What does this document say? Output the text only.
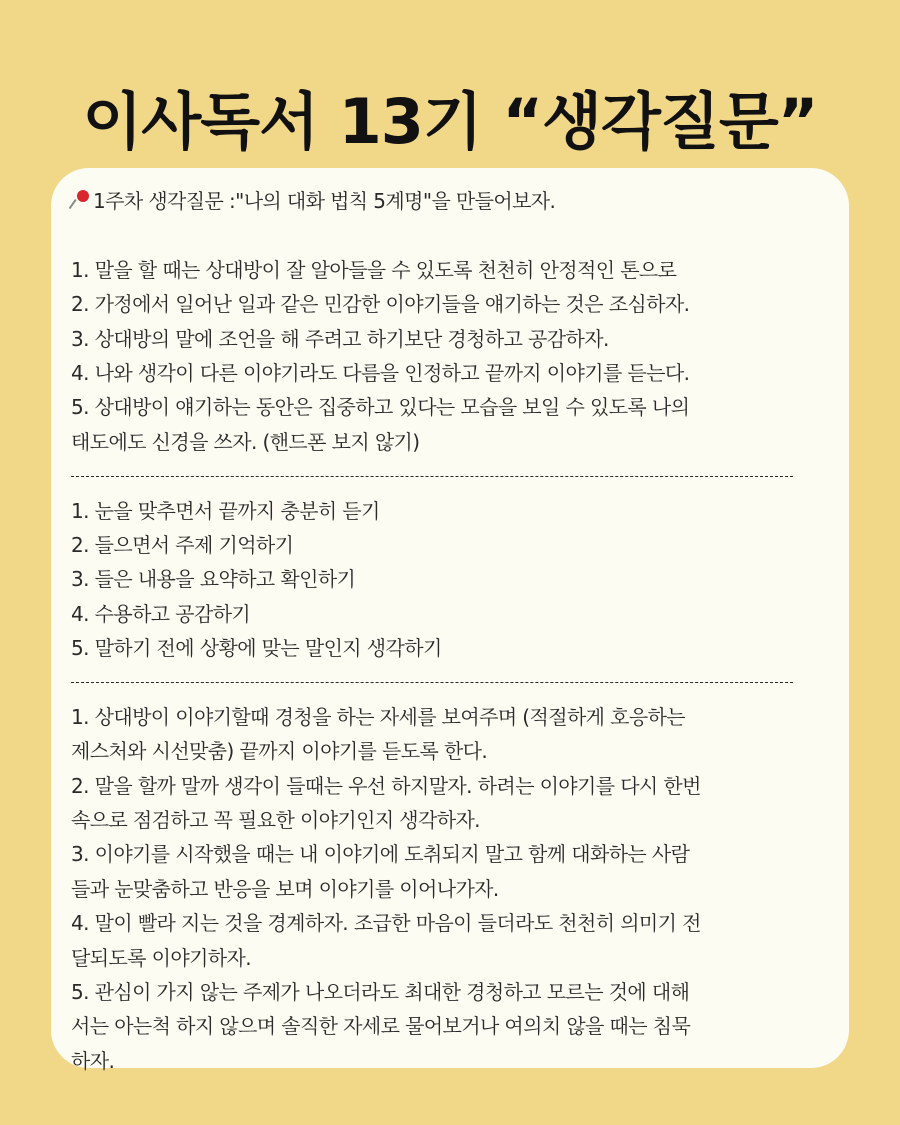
이사독서 13기 “생각질문”
1주차 생각질문 :"나의 대화 법칙 5계명"을 만들어보자.
1. 말을 할 때는 상대방이 잘 알아들을 수 있도록 천천히 안정적인 톤으로
2. 가정에서 일어난 일과 같은 민감한 이야기들을 얘기하는 것은 조심하자.
3. 상대방의 말에 조언을 해 주려고 하기보단 경청하고 공감하자.
4. 나와 생각이 다른 이야기라도 다름을 인정하고 끝까지 이야기를 듣는다.
5. 상대방이 얘기하는 동안은 집중하고 있다는 모습을 보일 수 있도록 나의
태도에도 신경을 쓰자. (핸드폰 보지 않기)
1. 눈을 맞추면서 끝까지 충분히 듣기
2. 들으면서 주제 기억하기
3. 들은 내용을 요약하고 확인하기
4. 수용하고 공감하기
5. 말하기 전에 상황에 맞는 말인지 생각하기
1. 상대방이 이야기할때 경청을 하는 자세를 보여주며 (적절하게 호응하는
제스처와 시선맞춤) 끝까지 이야기를 듣도록 한다.
2. 말을 할까 말까 생각이 들때는 우선 하지말자. 하려는 이야기를 다시 한번
속으로 점검하고 꼭 필요한 이야기인지 생각하자.
3. 이야기를 시작했을 때는 내 이야기에 도취되지 말고 함께 대화하는 사람
들과 눈맞춤하고 반응을 보며 이야기를 이어나가자.
4. 말이 빨라 지는 것을 경계하자. 조급한 마음이 들더라도 천천히 의미기 전
달되도록 이야기하자.
5. 관심이 가지 않는 주제가 나오더라도 최대한 경청하고 모르는 것에 대해
서는 아는척 하지 않으며 솔직한 자세로 물어보거나 여의치 않을 때는 침묵
하자.
